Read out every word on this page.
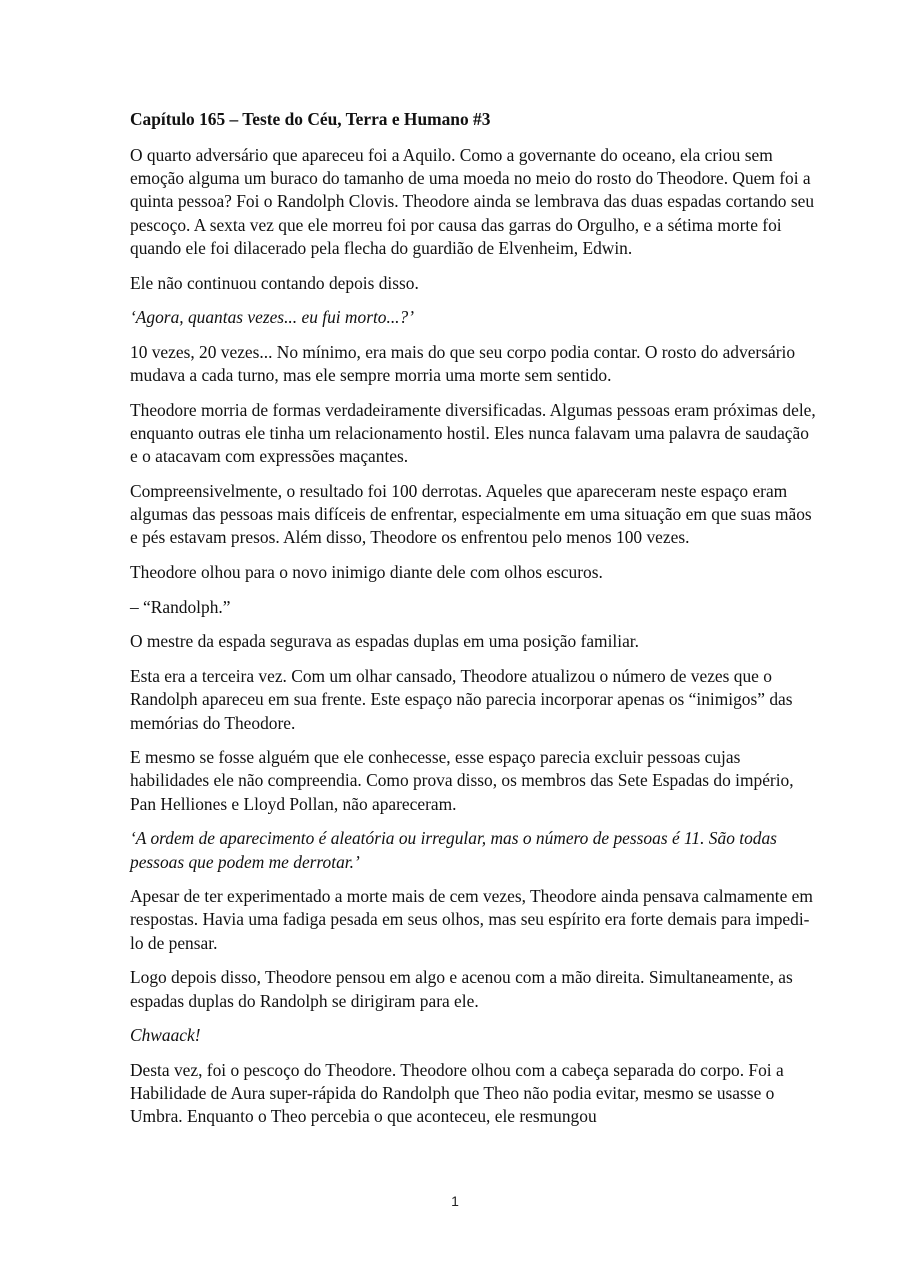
Capítulo 165 – Teste do Céu, Terra e Humano #3

O quarto adversário que apareceu foi a Aquilo. Como a governante do oceano, ela criou sem emoção alguma um buraco do tamanho de uma moeda no meio do rosto do Theodore. Quem foi a quinta pessoa? Foi o Randolph Clovis. Theodore ainda se lembrava das duas espadas cortando seu pescoço. A sexta vez que ele morreu foi por causa das garras do Orgulho, e a sétima morte foi quando ele foi dilacerado pela flecha do guardião de Elvenheim, Edwin.

Ele não continuou contando depois disso.

‘Agora, quantas vezes... eu fui morto...?’

10 vezes, 20 vezes... No mínimo, era mais do que seu corpo podia contar. O rosto do adversário mudava a cada turno, mas ele sempre morria uma morte sem sentido.

Theodore morria de formas verdadeiramente diversificadas. Algumas pessoas eram próximas dele, enquanto outras ele tinha um relacionamento hostil. Eles nunca falavam uma palavra de saudação e o atacavam com expressões maçantes.

Compreensivelmente, o resultado foi 100 derrotas. Aqueles que apareceram neste espaço eram algumas das pessoas mais difíceis de enfrentar, especialmente em uma situação em que suas mãos e pés estavam presos. Além disso, Theodore os enfrentou pelo menos 100 vezes.

Theodore olhou para o novo inimigo diante dele com olhos escuros.

– “Randolph.”

O mestre da espada segurava as espadas duplas em uma posição familiar.

Esta era a terceira vez. Com um olhar cansado, Theodore atualizou o número de vezes que o Randolph apareceu em sua frente. Este espaço não parecia incorporar apenas os “inimigos” das memórias do Theodore.

E mesmo se fosse alguém que ele conhecesse, esse espaço parecia excluir pessoas cujas habilidades ele não compreendia. Como prova disso, os membros das Sete Espadas do império, Pan Helliones e Lloyd Pollan, não apareceram.

‘A ordem de aparecimento é aleatória ou irregular, mas o número de pessoas é 11. São todas pessoas que podem me derrotar.’

Apesar de ter experimentado a morte mais de cem vezes, Theodore ainda pensava calmamente em respostas. Havia uma fadiga pesada em seus olhos, mas seu espírito era forte demais para impedi-lo de pensar.

Logo depois disso, Theodore pensou em algo e acenou com a mão direita. Simultaneamente, as espadas duplas do Randolph se dirigiram para ele.

Chwaack!

Desta vez, foi o pescoço do Theodore. Theodore olhou com a cabeça separada do corpo. Foi a Habilidade de Aura super-rápida do Randolph que Theo não podia evitar, mesmo se usasse o Umbra. Enquanto o Theo percebia o que aconteceu, ele resmungou

1
